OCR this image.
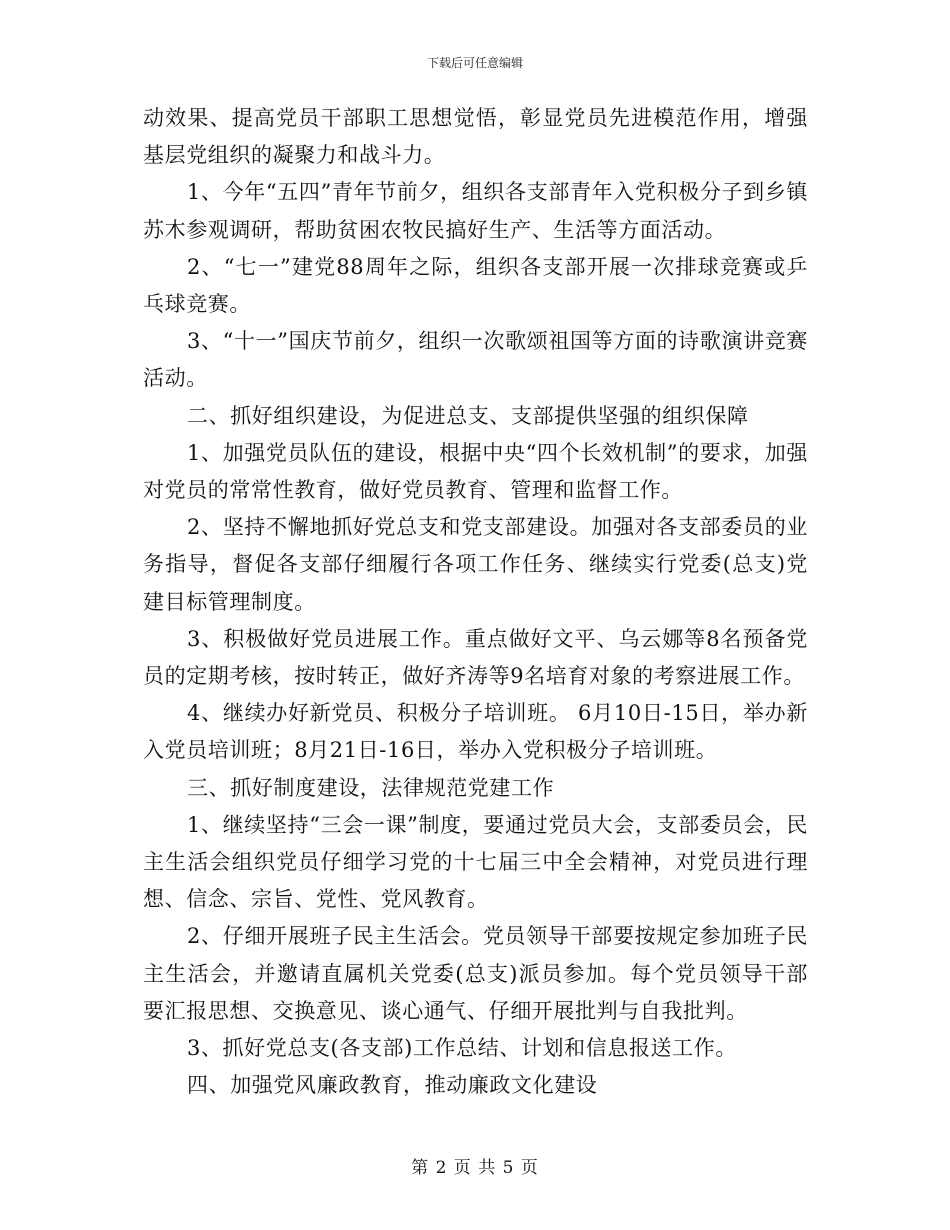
下载后可任意编辑

动效果、提高党员干部职工思想觉悟，彰显党员先进模范作用，增强基层党组织的凝聚力和战斗力。

1、今年“五四”青年节前夕，组织各支部青年入党积极分子到乡镇苏木参观调研，帮助贫困农牧民搞好生产、生活等方面活动。

2、“七一”建党88周年之际，组织各支部开展一次排球竞赛或乒乓球竞赛。

3、“十一”国庆节前夕，组织一次歌颂祖国等方面的诗歌演讲竞赛活动。

二、抓好组织建设，为促进总支、支部提供坚强的组织保障

1、加强党员队伍的建设，根据中央“四个长效机制”的要求，加强对党员的常常性教育，做好党员教育、管理和监督工作。

2、坚持不懈地抓好党总支和党支部建设。加强对各支部委员的业务指导，督促各支部仔细履行各项工作任务、继续实行党委(总支)党建目标管理制度。

3、积极做好党员进展工作。重点做好文平、乌云娜等8名预备党员的定期考核，按时转正，做好齐涛等9名培育对象的考察进展工作。

4、继续办好新党员、积极分子培训班。 6月10日-15日，举办新入党员培训班；8月21日-16日，举办入党积极分子培训班。

三、抓好制度建设，法律规范党建工作

1、继续坚持“三会一课”制度，要通过党员大会，支部委员会，民主生活会组织党员仔细学习党的十七届三中全会精神，对党员进行理想、信念、宗旨、党性、党风教育。

2、仔细开展班子民主生活会。党员领导干部要按规定参加班子民主生活会，并邀请直属机关党委(总支)派员参加。每个党员领导干部要汇报思想、交换意见、谈心通气、仔细开展批判与自我批判。

3、抓好党总支(各支部)工作总结、计划和信息报送工作。

四、加强党风廉政教育，推动廉政文化建设

第 2 页 共 5 页
